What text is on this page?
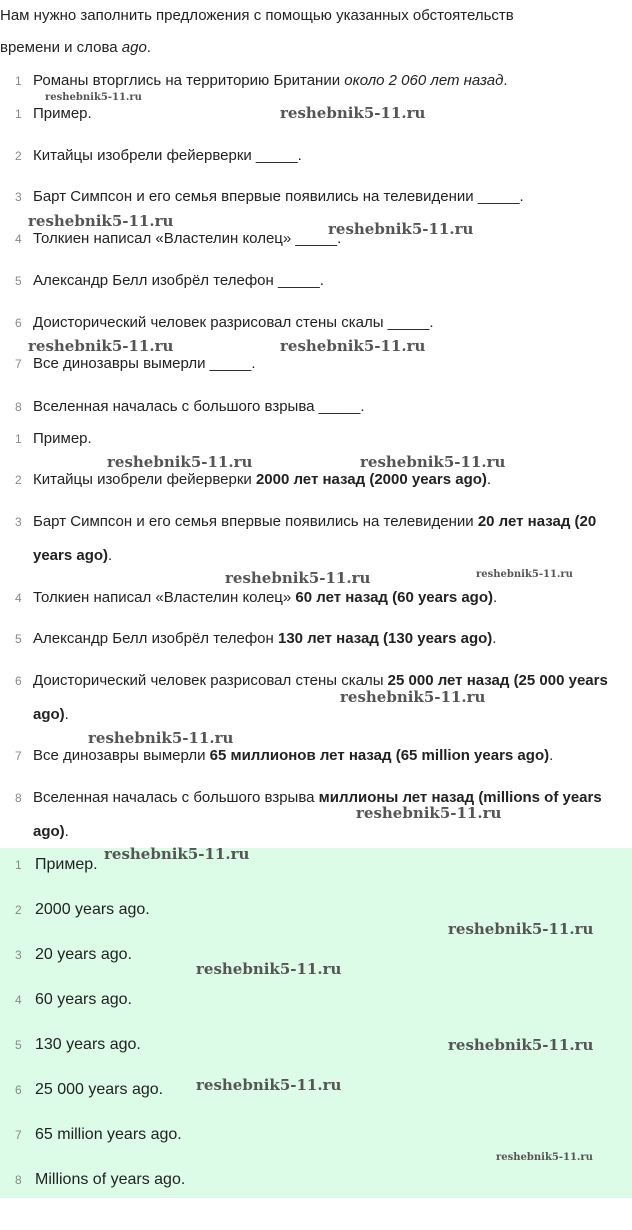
Нам нужно заполнить предложения с помощью указанных обстоятельств
времени и слова ago.

1 Романы вторглись на территорию Британии около 2 060 лет назад.
1 Пример.
2 Китайцы изобрели фейерверки _____.
3 Барт Симпсон и его семья впервые появились на телевидении _____.
4 Толкиен написал «Властелин колец» _____.
5 Александр Белл изобрёл телефон _____.
6 Доисторический человек разрисовал стены скалы _____.
7 Все динозавры вымерли _____.
8 Вселенная началась с большого взрыва _____.
1 Пример.
2 Китайцы изобрели фейерверки 2000 лет назад (2000 years ago).
3 Барт Симпсон и его семья впервые появились на телевидении 20 лет назад (20 years ago).
4 Толкиен написал «Властелин колец» 60 лет назад (60 years ago).
5 Александр Белл изобрёл телефон 130 лет назад (130 years ago).
6 Доисторический человек разрисовал стены скалы 25 000 лет назад (25 000 years ago).
7 Все динозавры вымерли 65 миллионов лет назад (65 million years ago).
8 Вселенная началась с большого взрыва миллионы лет назад (millions of years ago).
1 Пример.
2 2000 years ago.
3 20 years ago.
4 60 years ago.
5 130 years ago.
6 25 000 years ago.
7 65 million years ago.
8 Millions of years ago.
reshebnik5-11.ru
reshebnik5-11.ru
reshebnik5-11.ru	reshebnik5-11.ru
reshebnik5-11.ru	reshebnik5-11.ru
reshebnik5-11.ru	reshebnik5-11.ru
reshebnik5-11.ru	reshebnik5-11.ru
reshebnik5-11.ru
reshebnik5-11.ru
reshebnik5-11.ru
reshebnik5-11.ru
reshebnik5-11.ru
reshebnik5-11.ru
reshebnik5-11.ru
reshebnik5-11.ru
reshebnik5-11.ru
